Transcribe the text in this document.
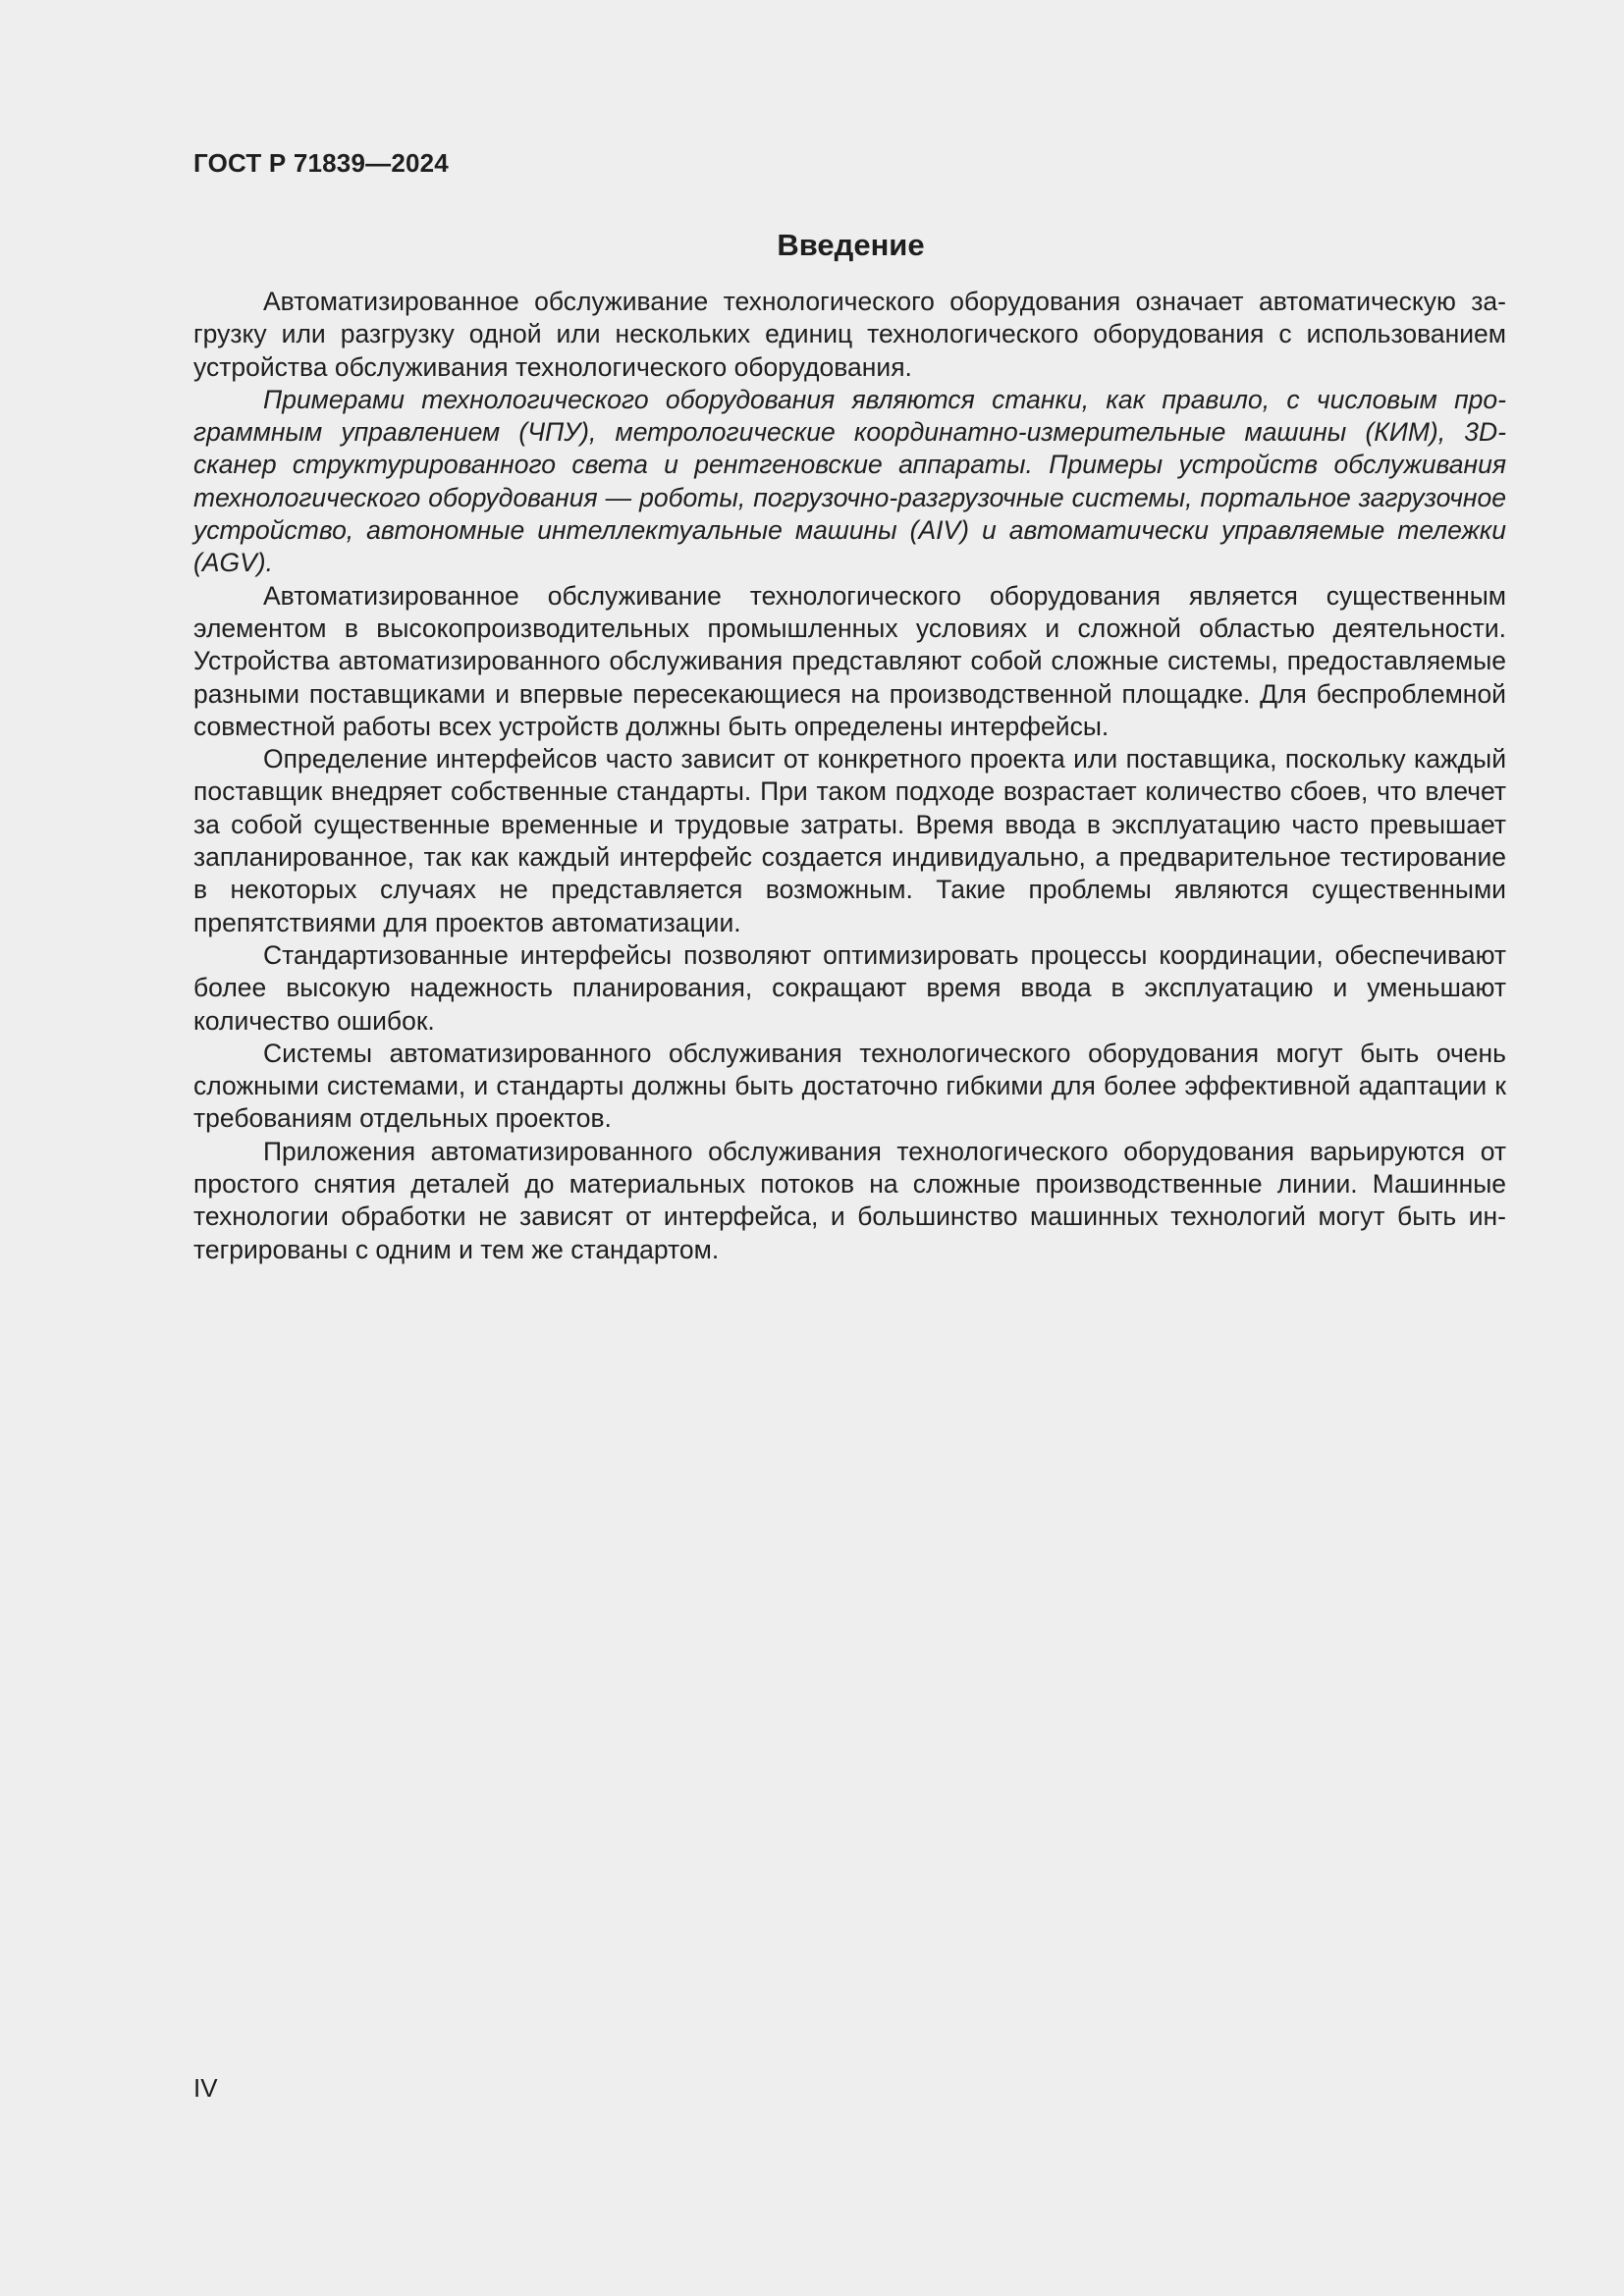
ГОСТ Р 71839—2024
Введение

Автоматизированное обслуживание технологического оборудования означает автоматическую загрузку или разгрузку одной или нескольких единиц технологического оборудования с использованием устройства обслуживания технологического оборудования.

Примерами технологического оборудования являются станки, как правило, с числовым программным управлением (ЧПУ), метрологические координатно-измерительные машины (КИМ), 3D-сканер структурированного света и рентгеновские аппараты. Примеры устройств обслуживания технологического оборудования — роботы, погрузочно-разгрузочные системы, портальное загрузочное устройство, автономные интеллектуальные машины (AIV) и автоматически управляемые тележки (AGV).

Автоматизированное обслуживание технологического оборудования является существенным элементом в высокопроизводительных промышленных условиях и сложной областью деятельности. Устройства автоматизированного обслуживания представляют собой сложные системы, предоставляемые разными поставщиками и впервые пересекающиеся на производственной площадке. Для беспроблемной совместной работы всех устройств должны быть определены интерфейсы.

Определение интерфейсов часто зависит от конкретного проекта или поставщика, поскольку каждый поставщик внедряет собственные стандарты. При таком подходе возрастает количество сбоев, что влечет за собой существенные временные и трудовые затраты. Время ввода в эксплуатацию часто превышает запланированное, так как каждый интерфейс создается индивидуально, а предварительное тестирование в некоторых случаях не представляется возможным. Такие проблемы являются существенными препятствиями для проектов автоматизации.

Стандартизованные интерфейсы позволяют оптимизировать процессы координации, обеспечивают более высокую надежность планирования, сокращают время ввода в эксплуатацию и уменьшают количество ошибок.

Системы автоматизированного обслуживания технологического оборудования могут быть очень сложными системами, и стандарты должны быть достаточно гибкими для более эффективной адаптации к требованиям отдельных проектов.

Приложения автоматизированного обслуживания технологического оборудования варьируются от простого снятия деталей до материальных потоков на сложные производственные линии. Машинные технологии обработки не зависят от интерфейса, и большинство машинных технологий могут быть интегрированы с одним и тем же стандартом.

IV
